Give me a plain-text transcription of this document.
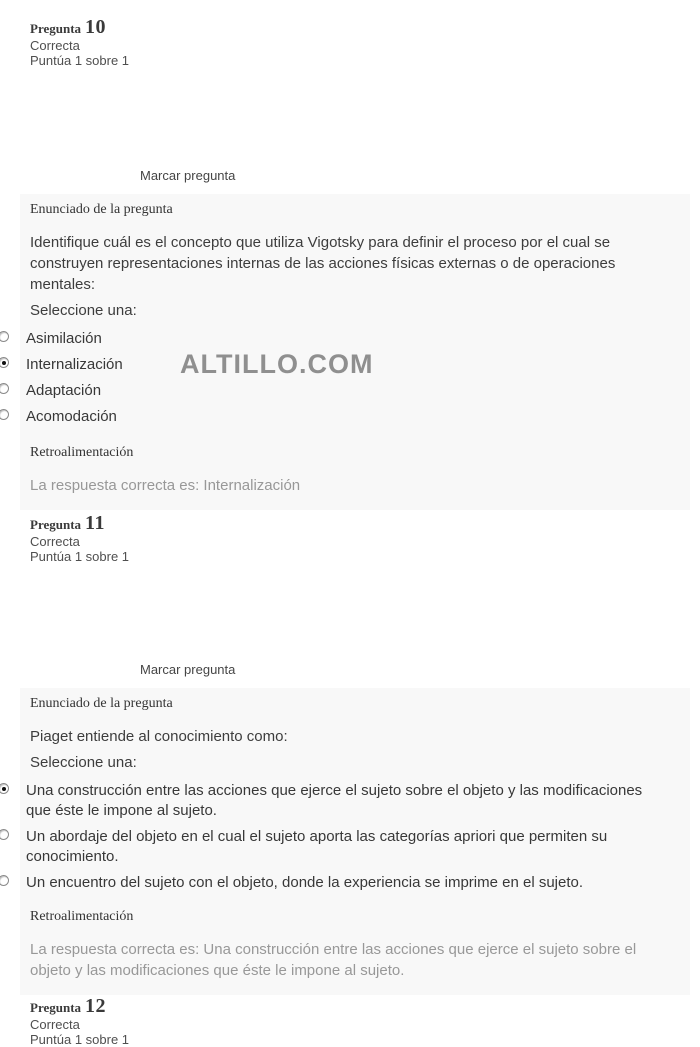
Pregunta 10
Correcta
Puntúa 1 sobre 1
Marcar pregunta
Enunciado de la pregunta
Identifique cuál es el concepto que utiliza Vigotsky para definir el proceso por el cual se construyen representaciones internas de las acciones físicas externas o de operaciones mentales:
Seleccione una:
Asimilación
Internalización
Adaptación
Acomodación
Retroalimentación
La respuesta correcta es: Internalización
Pregunta 11
Correcta
Puntúa 1 sobre 1
Marcar pregunta
Enunciado de la pregunta
Piaget entiende al conocimiento como:
Seleccione una:
Una construcción entre las acciones que ejerce el sujeto sobre el objeto y las modificaciones que éste le impone al sujeto.
Un abordaje del objeto en el cual el sujeto aporta las categorías apriori que permiten su conocimiento.
Un encuentro del sujeto con el objeto, donde la experiencia se imprime en el sujeto.
Retroalimentación
La respuesta correcta es: Una construcción entre las acciones que ejerce el sujeto sobre el objeto y las modificaciones que éste le impone al sujeto.
Pregunta 12
Correcta
Puntúa 1 sobre 1
ALTILLO.COM
